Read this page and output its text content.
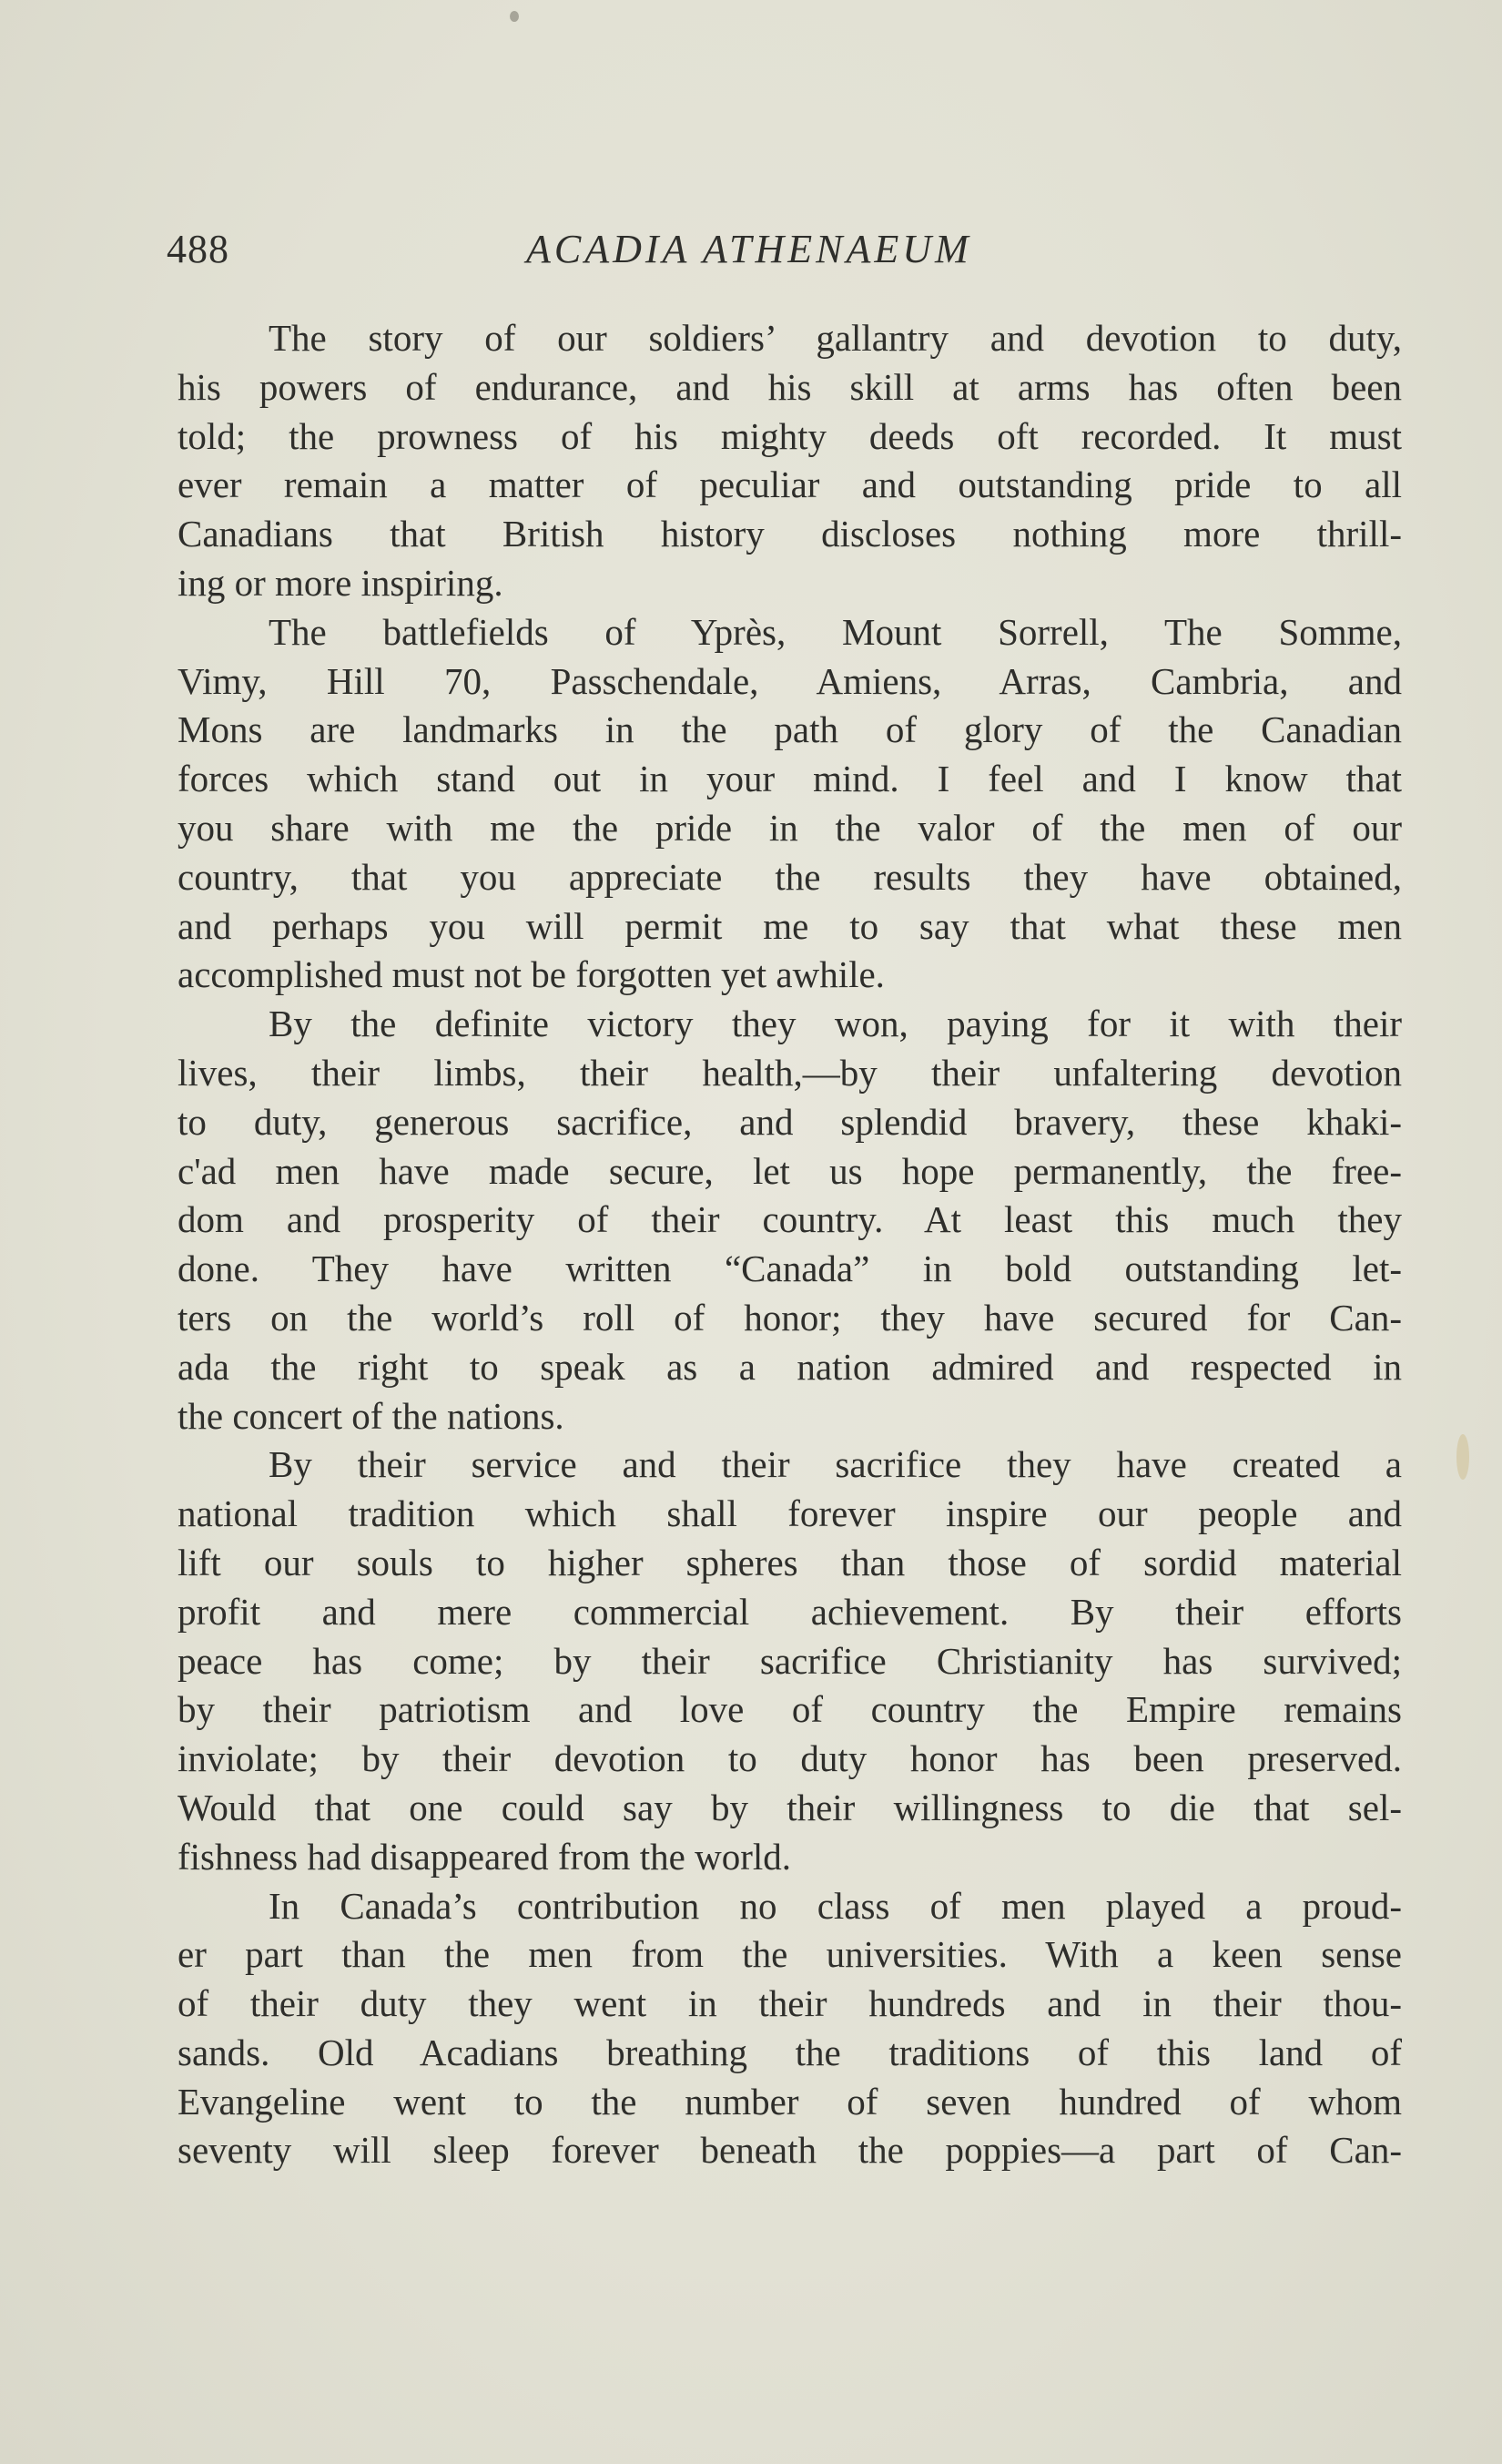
488	ACADIA ATHENAEUM

The story of our soldiers’ gallantry and devotion to duty,
his powers of endurance, and his skill at arms has often been
told; the prowness of his mighty deeds oft recorded. It must
ever remain a matter of peculiar and outstanding pride to all
Canadians that British history discloses nothing more thrill-
ing or more inspiring.

The battlefields of Yprès, Mount Sorrell, The Somme,
Vimy, Hill 70, Passchendale, Amiens, Arras, Cambria, and
Mons are landmarks in the path of glory of the Canadian
forces which stand out in your mind. I feel and I know that
you share with me the pride in the valor of the men of our
country, that you appreciate the results they have obtained,
and perhaps you will permit me to say that what these men
accomplished must not be forgotten yet awhile.

By the definite victory they won, paying for it with their
lives, their limbs, their health,—by their unfaltering devotion
to duty, generous sacrifice, and splendid bravery, these khaki-
c'ad men have made secure, let us hope permanently, the free-
dom and prosperity of their country. At least this much they
done. They have written “Canada” in bold outstanding let-
ters on the world’s roll of honor; they have secured for Can-
ada the right to speak as a nation admired and respected in
the concert of the nations.

By their service and their sacrifice they have created a
national tradition which shall forever inspire our people and
lift our souls to higher spheres than those of sordid material
profit and mere commercial achievement. By their efforts
peace has come; by their sacrifice Christianity has survived;
by their patriotism and love of country the Empire remains
inviolate; by their devotion to duty honor has been preserved.
Would that one could say by their willingness to die that sel-
fishness had disappeared from the world.

In Canada’s contribution no class of men played a proud-
er part than the men from the universities. With a keen sense
of their duty they went in their hundreds and in their thou-
sands. Old Acadians breathing the traditions of this land of
Evangeline went to the number of seven hundred of whom
seventy will sleep forever beneath the poppies—a part of Can-
